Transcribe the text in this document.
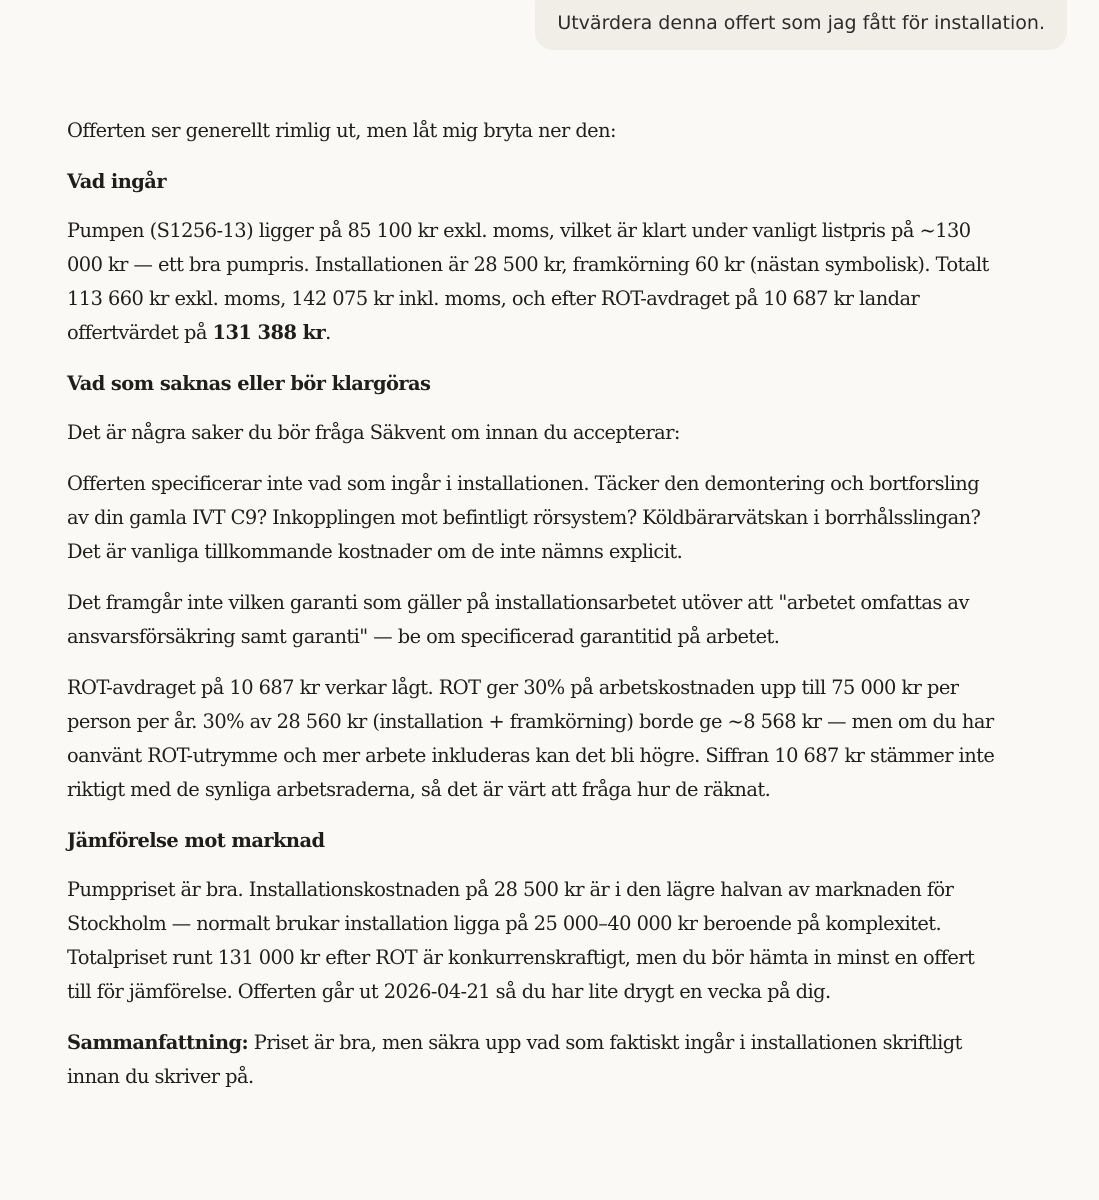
Utvärdera denna offert som jag fått för installation.

Offerten ser generellt rimlig ut, men låt mig bryta ner den:

Vad ingår

Pumpen (S1256-13) ligger på 85 100 kr exkl. moms, vilket är klart under vanligt listpris på ~130 000 kr — ett bra pumpris. Installationen är 28 500 kr, framkörning 60 kr (nästan symbolisk). Totalt 113 660 kr exkl. moms, 142 075 kr inkl. moms, och efter ROT-avdraget på 10 687 kr landar offertvärdet på 131 388 kr.

Vad som saknas eller bör klargöras

Det är några saker du bör fråga Säkvent om innan du accepterar:

Offerten specificerar inte vad som ingår i installationen. Täcker den demontering och bortforsling av din gamla IVT C9? Inkopplingen mot befintligt rörsystem? Köldbärarvätskan i borrhålsslingan? Det är vanliga tillkommande kostnader om de inte nämns explicit.

Det framgår inte vilken garanti som gäller på installationsarbetet utöver att "arbetet omfattas av ansvarsförsäkring samt garanti" — be om specificerad garantitid på arbetet.

ROT-avdraget på 10 687 kr verkar lågt. ROT ger 30% på arbetskostnaden upp till 75 000 kr per person per år. 30% av 28 560 kr (installation + framkörning) borde ge ~8 568 kr — men om du har oanvänt ROT-utrymme och mer arbete inkluderas kan det bli högre. Siffran 10 687 kr stämmer inte riktigt med de synliga arbetsraderna, så det är värt att fråga hur de räknat.

Jämförelse mot marknad

Pumppriset är bra. Installationskostnaden på 28 500 kr är i den lägre halvan av marknaden för Stockholm — normalt brukar installation ligga på 25 000–40 000 kr beroende på komplexitet. Totalpriset runt 131 000 kr efter ROT är konkurrenskraftigt, men du bör hämta in minst en offert till för jämförelse. Offerten går ut 2026-04-21 så du har lite drygt en vecka på dig.

Sammanfattning: Priset är bra, men säkra upp vad som faktiskt ingår i installationen skriftligt innan du skriver på.
